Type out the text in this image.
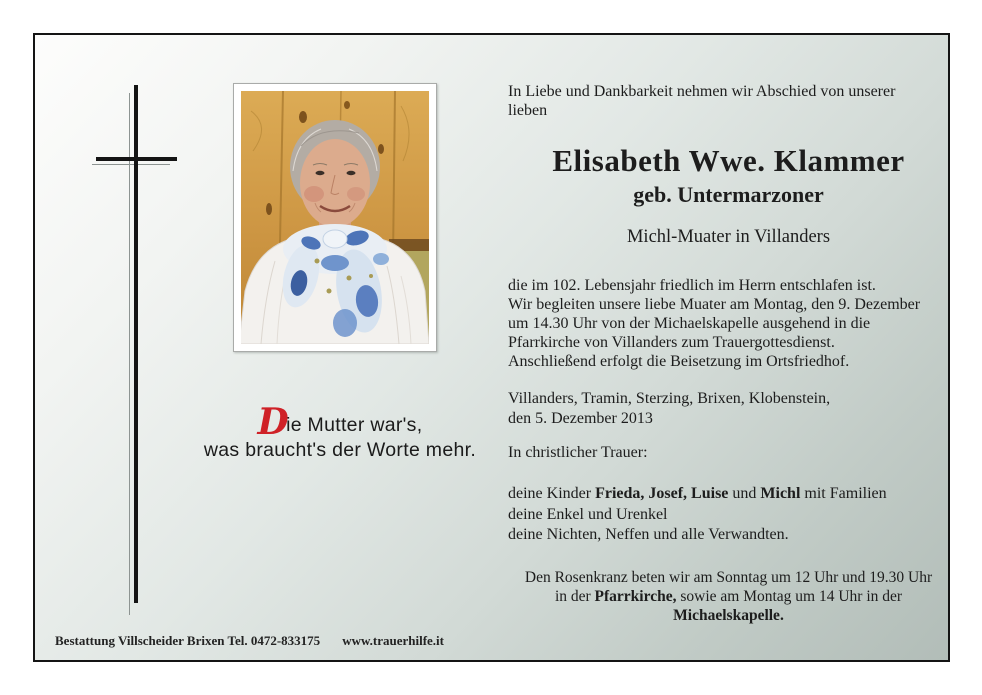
Die Mutter war's,
was braucht's der Worte mehr.
In Liebe und Dankbarkeit nehmen wir Abschied von unserer
lieben
Elisabeth Wwe. Klammer
geb. Untermarzoner
Michl-Muater in Villanders
die im 102. Lebensjahr friedlich im Herrn entschlafen ist.
Wir begleiten unsere liebe Muater am Montag, den 9. Dezember
um 14.30 Uhr von der Michaelskapelle ausgehend in die
Pfarrkirche von Villanders zum Trauergottesdienst.
Anschließend erfolgt die Beisetzung im Ortsfriedhof.
Villanders, Tramin, Sterzing, Brixen, Klobenstein,
den 5. Dezember 2013
In christlicher Trauer:
deine Kinder Frieda, Josef, Luise und Michl mit Familien
deine Enkel und Urenkel
deine Nichten, Neffen und alle Verwandten.
Den Rosenkranz beten wir am Sonntag um 12 Uhr und 19.30 Uhr
in der Pfarrkirche, sowie am Montag um 14 Uhr in der
Michaelskapelle.
Bestattung Villscheider Brixen Tel. 0472-833175 www.trauerhilfe.it
